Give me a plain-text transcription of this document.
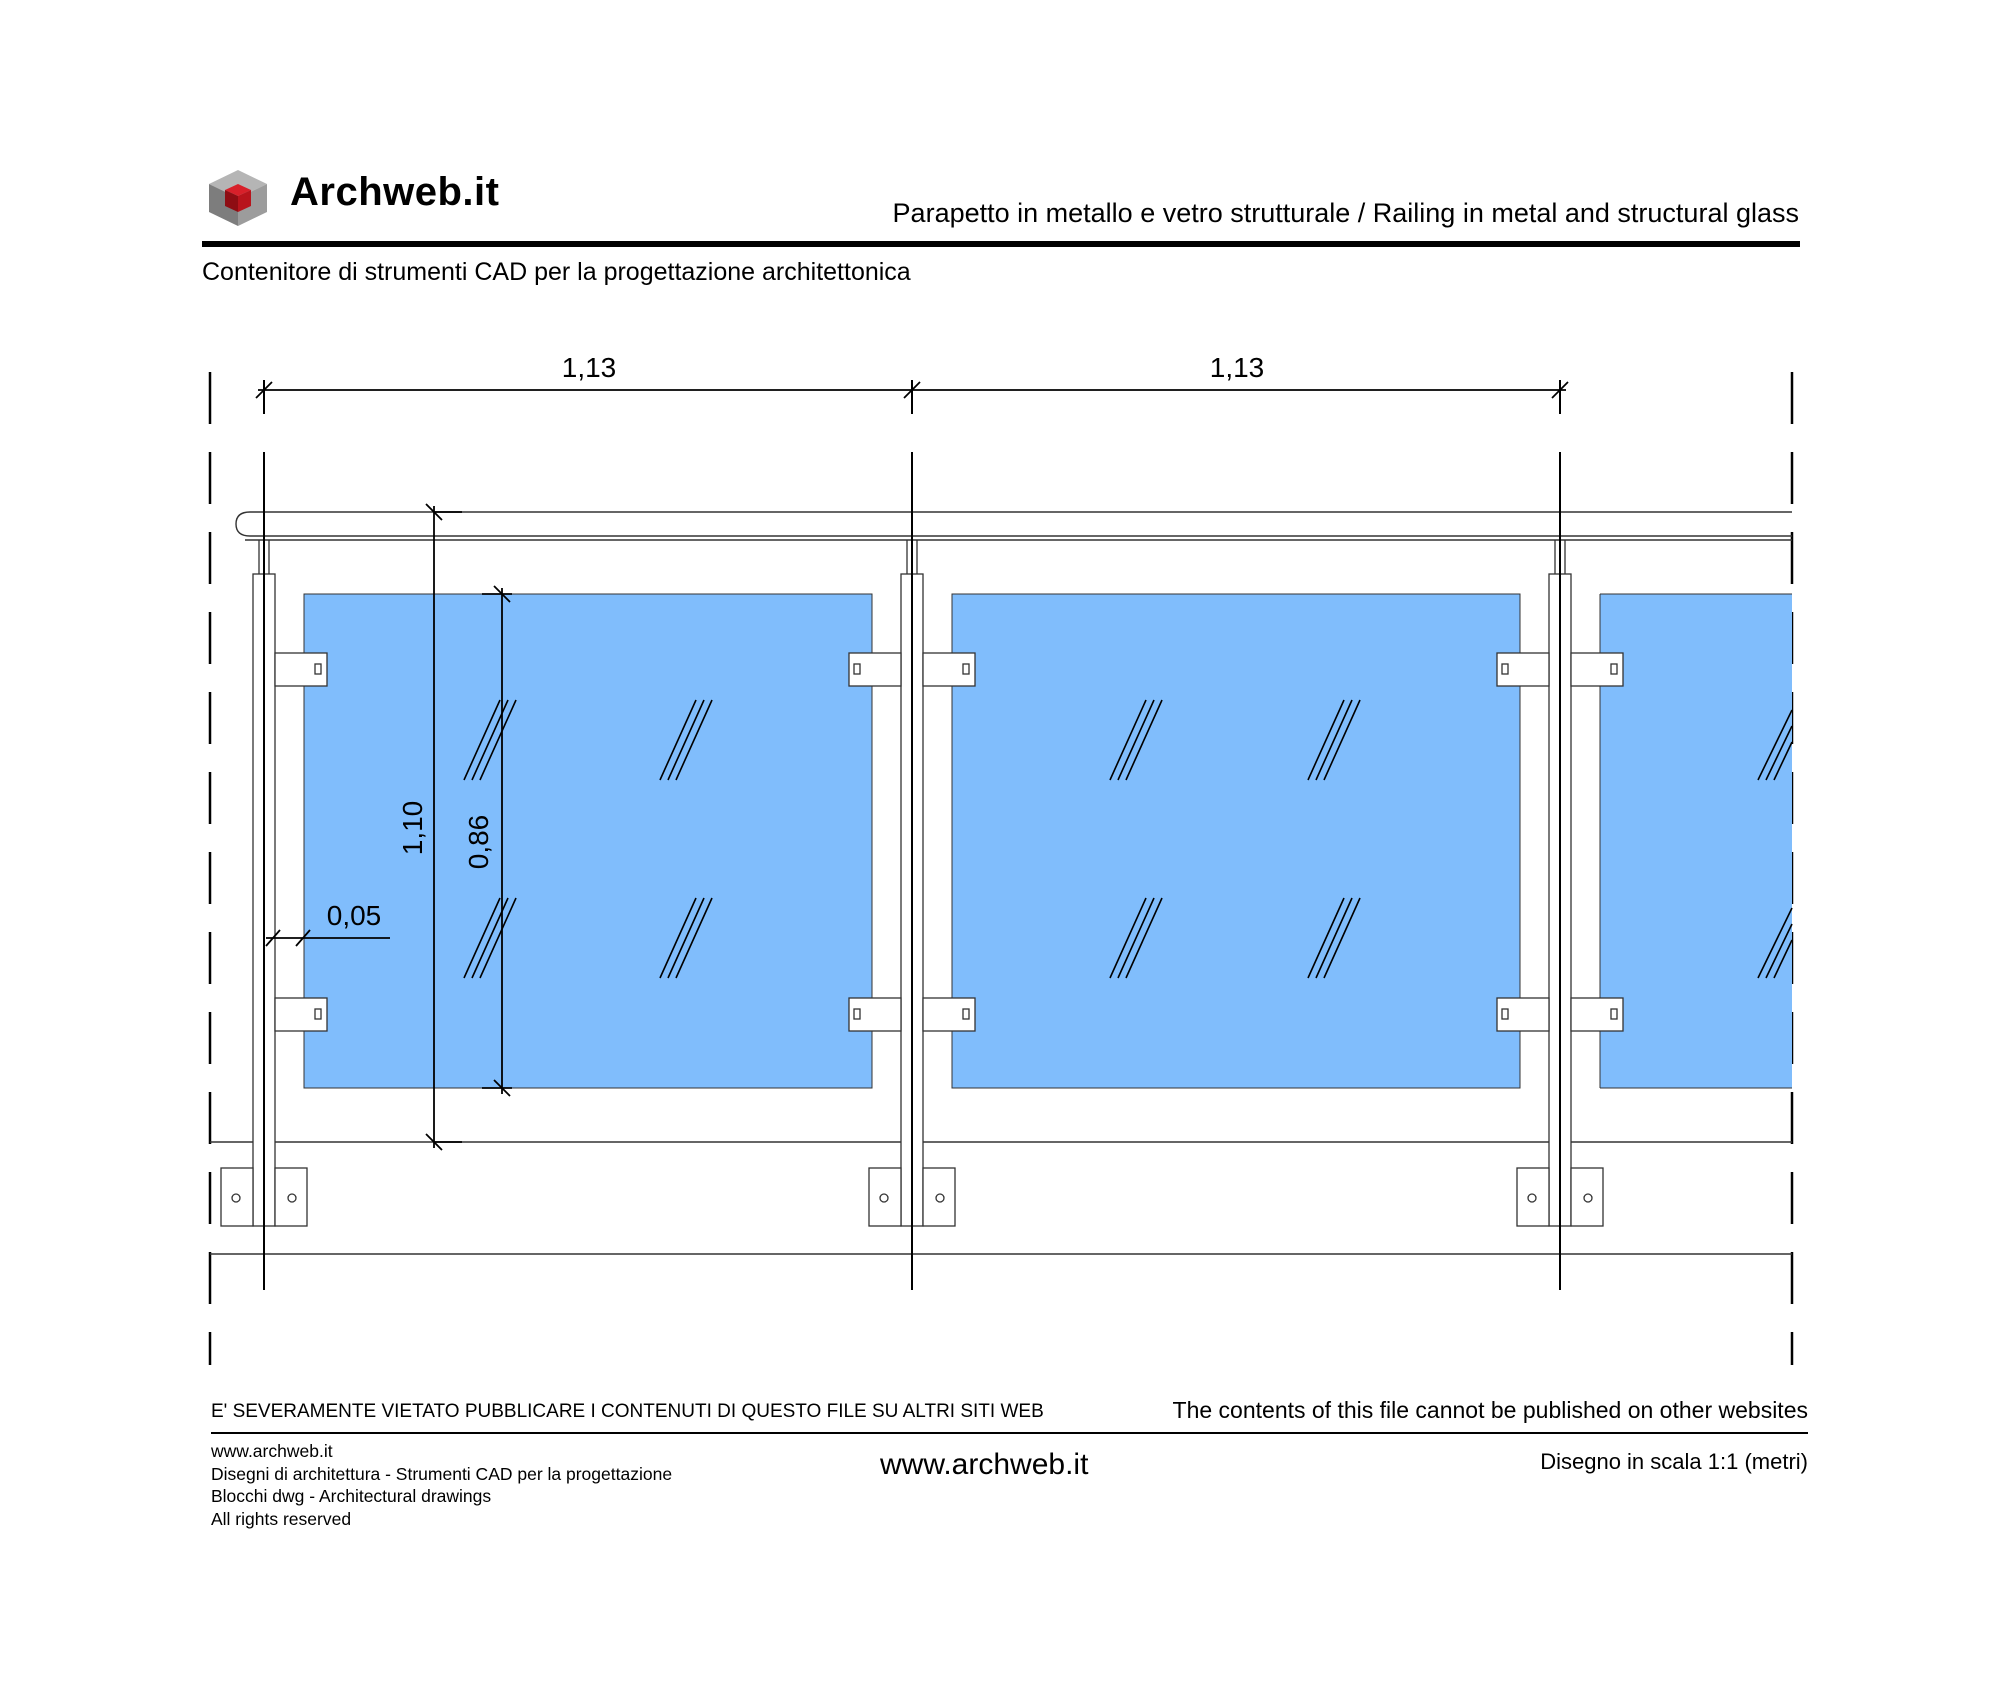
Archweb.it	Parapetto in metallo e vetro strutturale / Railing in metal and structural glass
Contenitore di strumenti CAD per la progettazione architettonica
1,13	1,13
1,10 0,86
0,05
E' SEVERAMENTE VIETATO PUBBLICARE I CONTENUTI DI QUESTO FILE SU ALTRI SITI WEB	The contents of this file cannot be published on other websites
www.archweb.it
Disegni di architettura - Strumenti CAD per la progettazione
Blocchi dwg - Architectural drawings
All rights reserved
www.archweb.it	Disegno in scala 1:1 (metri)
